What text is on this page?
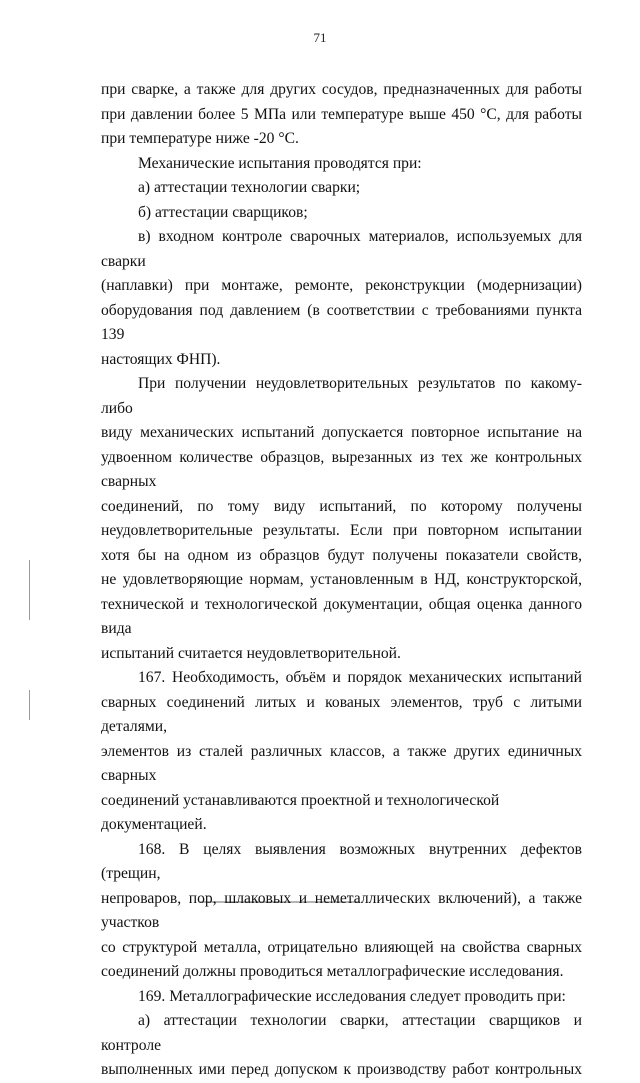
71

при сварке, а также для других сосудов, предназначенных для работы

при давлении более 5 МПа или температуре выше 450 °С, для работы

при температуре ниже -20 °С.

Механические испытания проводятся при:

а) аттестации технологии сварки;

б) аттестации сварщиков;

в) входном контроле сварочных материалов, используемых для сварки

(наплавки) при монтаже, ремонте, реконструкции (модернизации)

оборудования под давлением (в соответствии с требованиями пункта 139

настоящих ФНП).

При получении неудовлетворительных результатов по какому-либо

виду механических испытаний допускается повторное испытание на

удвоенном количестве образцов, вырезанных из тех же контрольных сварных

соединений, по тому виду испытаний, по которому получены

неудовлетворительные результаты. Если при повторном испытании

хотя бы на одном из образцов будут получены показатели свойств,

не удовлетворяющие нормам, установленным в НД, конструкторской,

технической и технологической документации, общая оценка данного вида

испытаний считается неудовлетворительной.

167. Необходимость, объём и порядок механических испытаний

сварных соединений литых и кованых элементов, труб с литыми деталями,

элементов из сталей различных классов, а также других единичных сварных

соединений устанавливаются проектной и технологической документацией.

168. В целях выявления возможных внутренних дефектов (трещин,

непроваров, пор, шлаковых и неметаллических включений), а также участков

со структурой металла, отрицательно влияющей на свойства сварных

соединений должны проводиться металлографические исследования.

169. Металлографические исследования следует проводить при:

а) аттестации технологии сварки, аттестации сварщиков и контроле

выполненных ими перед допуском к производству работ контрольных
